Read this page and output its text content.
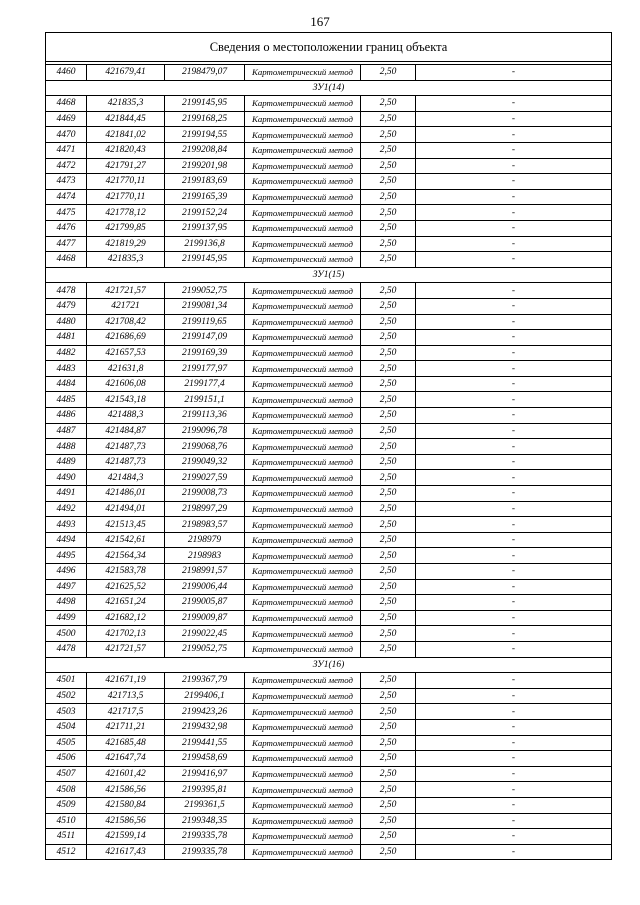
167
Сведения о местоположении границ объекта					

4460	421679,41	2198479,07	Картометрический метод	2,50	-
ЗУ1(14)					
4468	421835,3	2199145,95	Картометрический метод	2,50	-
4469	421844,45	2199168,25	Картометрический метод	2,50	-
4470	421841,02	2199194,55	Картометрический метод	2,50	-
4471	421820,43	2199208,84	Картометрический метод	2,50	-
4472	421791,27	2199201,98	Картометрический метод	2,50	-
4473	421770,11	2199183,69	Картометрический метод	2,50	-
4474	421770,11	2199165,39	Картометрический метод	2,50	-
4475	421778,12	2199152,24	Картометрический метод	2,50	-
4476	421799,85	2199137,95	Картометрический метод	2,50	-
4477	421819,29	2199136,8	Картометрический метод	2,50	-
4468	421835,3	2199145,95	Картометрический метод	2,50	-
ЗУ1(15)					
4478	421721,57	2199052,75	Картометрический метод	2,50	-
4479	421721	2199081,34	Картометрический метод	2,50	-
4480	421708,42	2199119,65	Картометрический метод	2,50	-
4481	421686,69	2199147,09	Картометрический метод	2,50	-
4482	421657,53	2199169,39	Картометрический метод	2,50	-
4483	421631,8	2199177,97	Картометрический метод	2,50	-
4484	421606,08	2199177,4	Картометрический метод	2,50	-
4485	421543,18	2199151,1	Картометрический метод	2,50	-
4486	421488,3	2199113,36	Картометрический метод	2,50	-
4487	421484,87	2199096,78	Картометрический метод	2,50	-
4488	421487,73	2199068,76	Картометрический метод	2,50	-
4489	421487,73	2199049,32	Картометрический метод	2,50	-
4490	421484,3	2199027,59	Картометрический метод	2,50	-
4491	421486,01	2199008,73	Картометрический метод	2,50	-
4492	421494,01	2198997,29	Картометрический метод	2,50	-
4493	421513,45	2198983,57	Картометрический метод	2,50	-
4494	421542,61	2198979	Картометрический метод	2,50	-
4495	421564,34	2198983	Картометрический метод	2,50	-
4496	421583,78	2198991,57	Картометрический метод	2,50	-
4497	421625,52	2199006,44	Картометрический метод	2,50	-
4498	421651,24	2199005,87	Картометрический метод	2,50	-
4499	421682,12	2199009,87	Картометрический метод	2,50	-
4500	421702,13	2199022,45	Картометрический метод	2,50	-
4478	421721,57	2199052,75	Картометрический метод	2,50	-
ЗУ1(16)					
4501	421671,19	2199367,79	Картометрический метод	2,50	-
4502	421713,5	2199406,1	Картометрический метод	2,50	-
4503	421717,5	2199423,26	Картометрический метод	2,50	-
4504	421711,21	2199432,98	Картометрический метод	2,50	-
4505	421685,48	2199441,55	Картометрический метод	2,50	-
4506	421647,74	2199458,69	Картометрический метод	2,50	-
4507	421601,42	2199416,97	Картометрический метод	2,50	-
4508	421586,56	2199395,81	Картометрический метод	2,50	-
4509	421580,84	2199361,5	Картометрический метод	2,50	-
4510	421586,56	2199348,35	Картометрический метод	2,50	-
4511	421599,14	2199335,78	Картометрический метод	2,50	-
4512	421617,43	2199335,78	Картометрический метод	2,50	-
